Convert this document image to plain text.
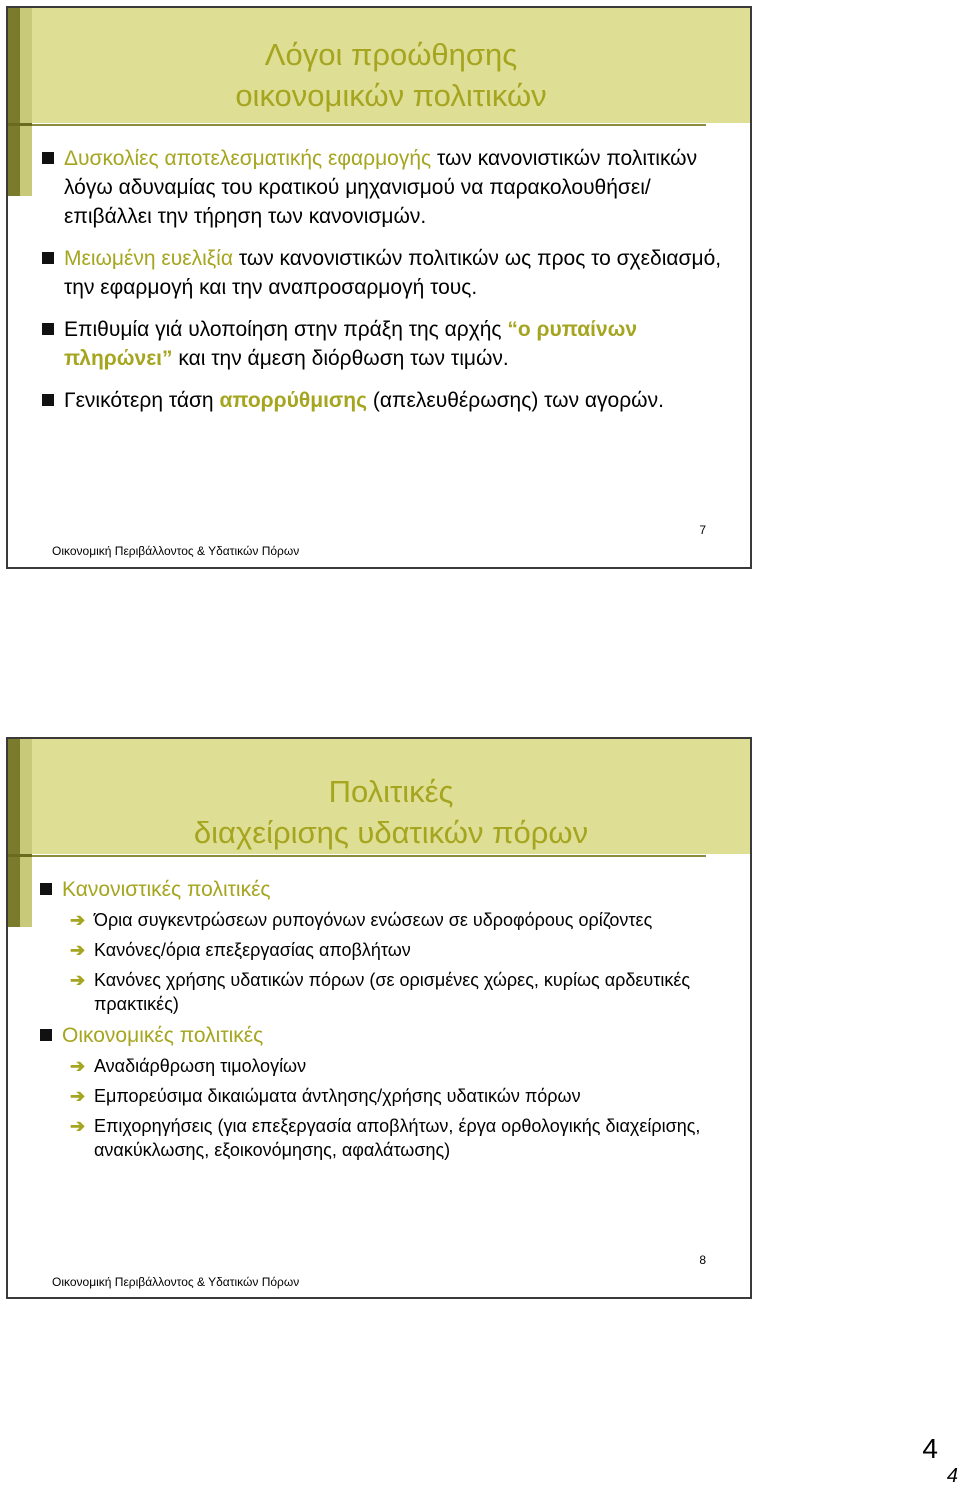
Λόγοι προώθησης
οικονομικών πολιτικών
Δυσκολίες αποτελεσματικής εφαρμογής των κανονιστικών πολιτικών λόγω αδυναμίας του κρατικού μηχανισμού να παρακολουθήσει/επιβάλλει την τήρηση των κανονισμών.
Μειωμένη ευελιξία των κανονιστικών πολιτικών ως προς το σχεδιασμό, την εφαρμογή και την αναπροσαρμογή τους.
Επιθυμία γιά υλοποίηση στην πράξη της αρχής “ο ρυπαίνων πληρώνει” και την άμεση διόρθωση των τιμών.
Γενικότερη τάση απορρύθμισης (απελευθέρωσης) των αγορών.
Οικονομική Περιβάλλοντος & Υδατικών Πόρων
7
Πολιτικές
διαχείρισης υδατικών πόρων
Κανονιστικές πολιτικές
➔ Όρια συγκεντρώσεων ρυπογόνων ενώσεων σε υδροφόρους ορίζοντες
➔ Κανόνες/όρια επεξεργασίας αποβλήτων
➔ Κανόνες χρήσης υδατικών πόρων (σε ορισμένες χώρες, κυρίως αρδευτικές πρακτικές)
Οικονομικές πολιτικές
➔ Αναδιάρθρωση τιμολογίων
➔ Εμπορεύσιμα δικαιώματα άντλησης/χρήσης υδατικών πόρων
➔ Επιχορηγήσεις (για επεξεργασία αποβλήτων, έργα ορθολογικής διαχείρισης, ανακύκλωσης, εξοικονόμησης, αφαλάτωσης)
Οικονομική Περιβάλλοντος & Υδατικών Πόρων
8
4
4
